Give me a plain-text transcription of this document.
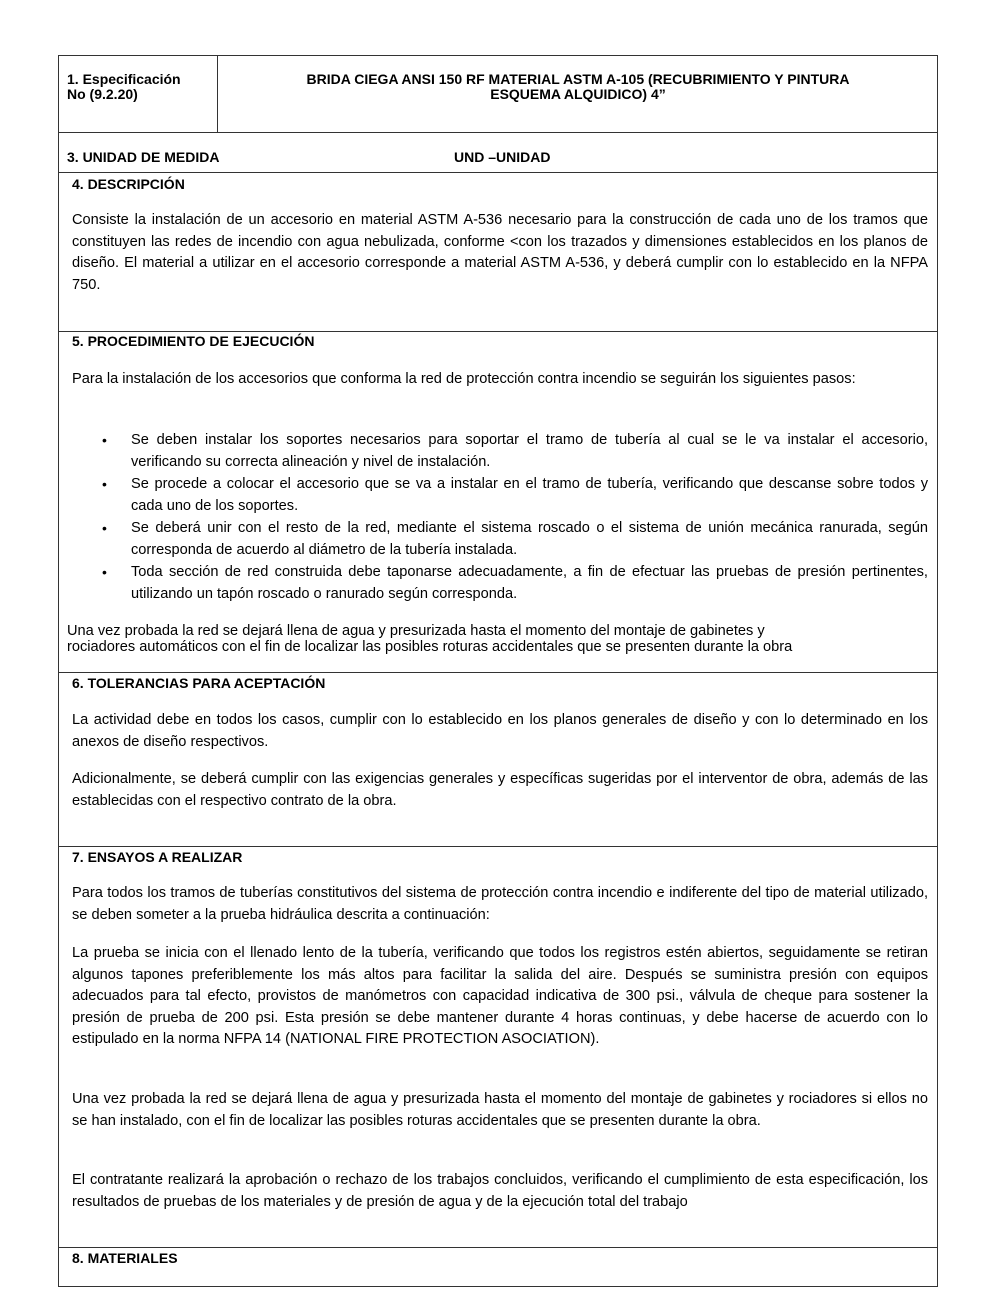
1. Especificación
No (9.2.20)
BRIDA CIEGA ANSI 150 RF MATERIAL ASTM A-105 (RECUBRIMIENTO Y PINTURA
ESQUEMA ALQUIDICO) 4”
3. UNIDAD DE MEDIDA	UND –UNIDAD
4. DESCRIPCIÓN

Consiste la instalación de un accesorio en material ASTM A-536 necesario para la construcción de cada uno de los tramos que constituyen las redes de incendio con agua nebulizada, conforme <con los trazados y dimensiones establecidos en los planos de diseño. El material a utilizar en el accesorio corresponde a material ASTM A-536, y deberá cumplir con lo establecido en la NFPA 750.

5. PROCEDIMIENTO DE EJECUCIÓN

Para la instalación de los accesorios que conforma la red de protección contra incendio se seguirán los siguientes pasos:

• Se deben instalar los soportes necesarios para soportar el tramo de tubería al cual se le va instalar el accesorio, verificando su correcta alineación y nivel de instalación.
• Se procede a colocar el accesorio que se va a instalar en el tramo de tubería, verificando que descanse sobre todos y cada uno de los soportes.
• Se deberá unir con el resto de la red, mediante el sistema roscado o el sistema de unión mecánica ranurada, según corresponda de acuerdo al diámetro de la tubería instalada.
• Toda sección de red construida debe taponarse adecuadamente, a fin de efectuar las pruebas de presión pertinentes, utilizando un tapón roscado o ranurado según corresponda.
Una vez probada la red se dejará llena de agua y presurizada hasta el momento del montaje de gabinetes y
rociadores automáticos con el fin de localizar las posibles roturas accidentales que se presenten durante la obra
6. TOLERANCIAS PARA ACEPTACIÓN

La actividad debe en todos los casos, cumplir con lo establecido en los planos generales de diseño y con lo determinado en los anexos de diseño respectivos.

Adicionalmente, se deberá cumplir con las exigencias generales y específicas sugeridas por el interventor de obra, además de las establecidas con el respectivo contrato de la obra.

7. ENSAYOS A REALIZAR

Para todos los tramos de tuberías constitutivos del sistema de protección contra incendio e indiferente del tipo de material utilizado, se deben someter a la prueba hidráulica descrita a continuación:

La prueba se inicia con el llenado lento de la tubería, verificando que todos los registros estén abiertos, seguidamente se retiran algunos tapones preferiblemente los más altos para facilitar la salida del aire. Después se suministra presión con equipos adecuados para tal efecto, provistos de manómetros con capacidad indicativa de 300 psi., válvula de cheque para sostener la presión de prueba de 200 psi. Esta presión se debe mantener durante 4 horas continuas, y debe hacerse de acuerdo con lo estipulado en la norma NFPA 14 (NATIONAL FIRE PROTECTION ASOCIATION).

Una vez probada la red se dejará llena de agua y presurizada hasta el momento del montaje de gabinetes y rociadores si ellos no se han instalado, con el fin de localizar las posibles roturas accidentales que se presenten durante la obra.

El contratante realizará la aprobación o rechazo de los trabajos concluidos, verificando el cumplimiento de esta especificación, los resultados de pruebas de los materiales y de presión de agua y de la ejecución total del trabajo

8. MATERIALES
